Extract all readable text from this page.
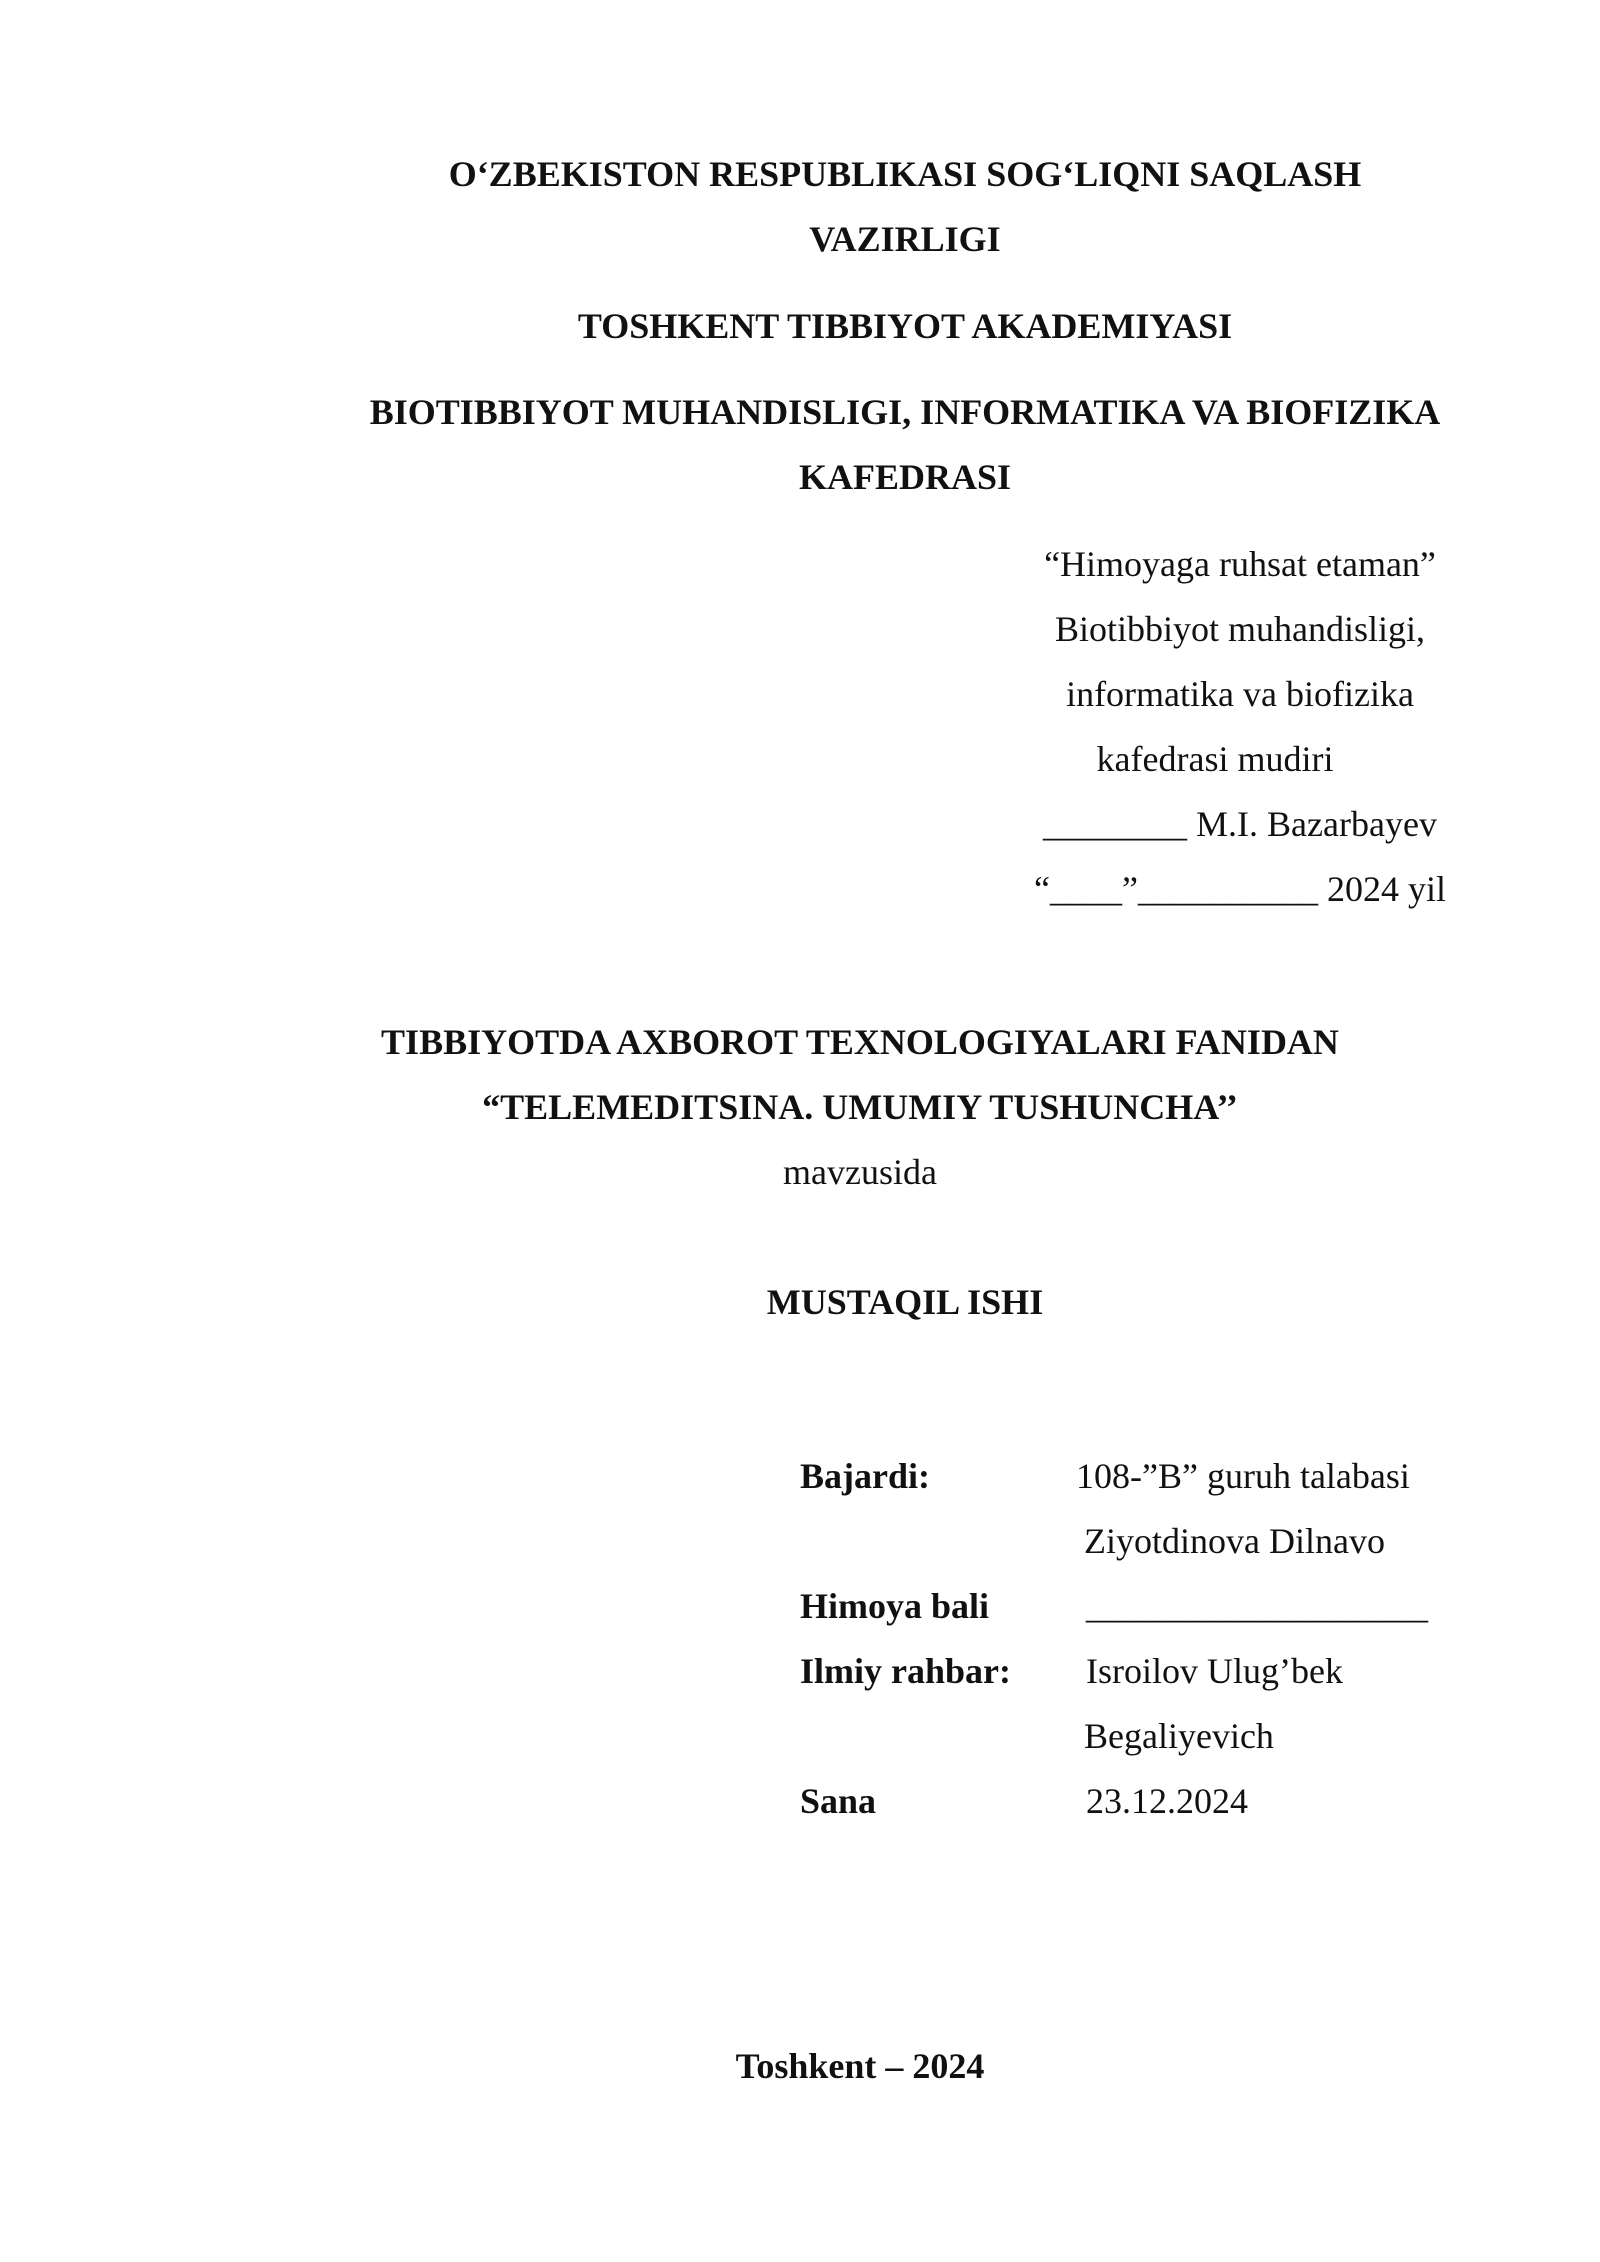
O‘ZBEKISTON RESPUBLIKASI SOG‘LIQNI SAQLASH
VAZIRLIGI
TOSHKENT TIBBIYOT AKADEMIYASI
BIOTIBBIYOT MUHANDISLIGI, INFORMATIKA VA BIOFIZIKA
KAFEDRASI
“Himoyaga ruhsat etaman”
Biotibbiyot muhandisligi,
informatika va biofizika
kafedrasi mudiri
________ M.I. Bazarbayev
“____”__________ 2024 yil
TIBBIYOTDA AXBOROT TEXNOLOGIYALARI FANIDAN
“TELEMEDITSINA. UMUMIY TUSHUNCHA’’
mavzusida
MUSTAQIL ISHI
Bajardi:	108-”B” guruh talabasi
Ziyotdinova Dilnavo
Himoya bali	___________________
Ilmiy rahbar: Isroilov Ulug’bek
Begaliyevich
Sana	23.12.2024
Toshkent – 2024
